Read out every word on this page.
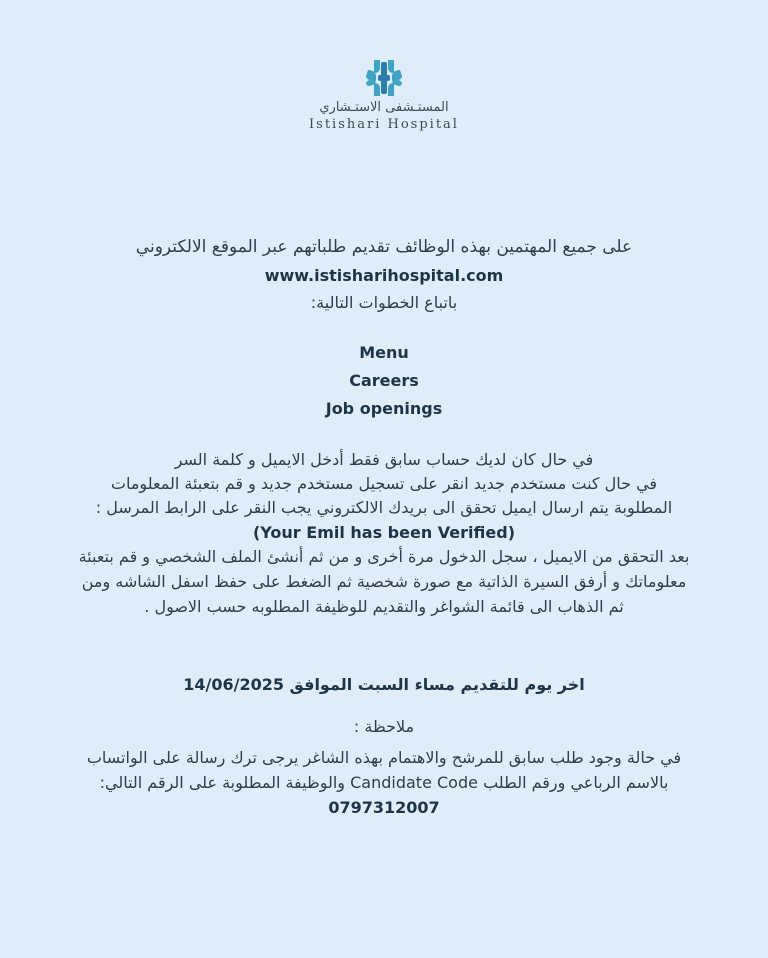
المستـشفى الاستـشاري
Istishari Hospital
على جميع المهتمين بهذه الوظائف تقديم طلباتهم عبر الموقع الالكتروني
www.istisharihospital.com
باتباع الخطوات التالية:
Menu
Careers
Job openings
في حال كان لديك حساب سابق فقط أدخل الايميل و كلمة السر
في حال كنت مستخدم جديد انقر على تسجيل مستخدم جديد و قم بتعبئة المعلومات
المطلوبة يتم ارسال ايميل تحقق الى بريدك الالكتروني يجب النقر على الرابط المرسل :
(Your Emil has been Verified)
بعد التحقق من الايميل ، سجل الدخول مرة أخرى و من ثم أنشئ الملف الشخصي و قم بتعبئة
معلوماتك و أرفق السيرة الذاتية مع صورة شخصية ثم الضغط على حفظ اسفل الشاشه ومن
ثم الذهاب الى قائمة الشواغر والتقديم للوظيفة المطلوبه حسب الاصول .
اخر يوم للتقديم مساء السبت الموافق 14/06/2025
ملاحظة :
في حالة وجود طلب سابق للمرشح والاهتمام بهذه الشاغر يرجى ترك رسالة على الواتساب
بالاسم الرباعي ورقم الطلب Candidate Code والوظيفة المطلوبة على الرقم التالي:
0797312007
